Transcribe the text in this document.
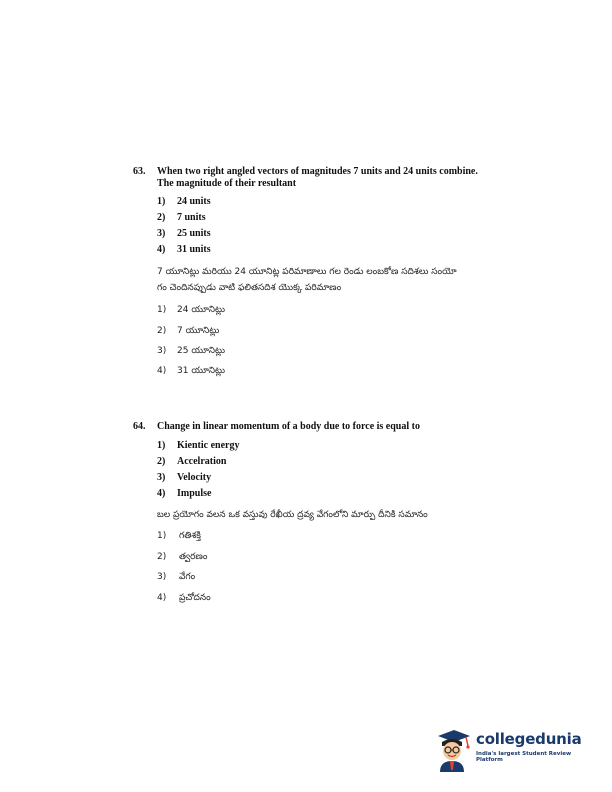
63. When two right angled vectors of magnitudes 7 units and 24 units combine.
The magnitude of their resultant
1) 24 units
2) 7 units
3) 25 units
4) 31 units
7 యూనిట్లు మరియు 24 యూనిట్ల పరిమాణాలు గల రెండు లంబకోణ సదిశలు సంయో
గం చెందినప్పుడు వాటి ఫలితసదిశ యొక్క పరిమాణం
1) 24 యూనిట్లు
2) 7 యూనిట్లు
3) 25 యూనిట్లు
4) 31 యూనిట్లు
64. Change in linear momentum of a body due to force is equal to
1) Kientic energy
2) Accelration
3) Velocity
4) Impulse
బల ప్రయోగం వలన ఒక వస్తువు రేఖీయ ద్రవ్య వేగంలోని మార్పు దీనికి సమానం
1) గతిశక్తి
2) త్వరణం
3) వేగం
4) ప్రచోదనం
collegedunia
India's largest Student Review Platform
